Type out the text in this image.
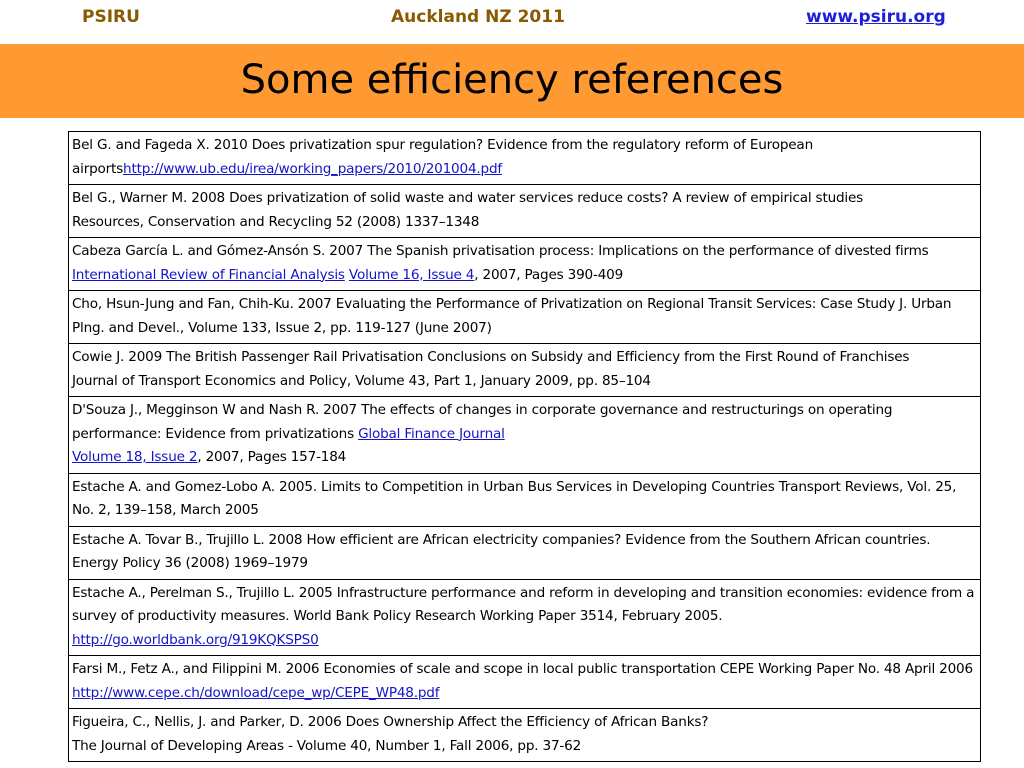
PSIRU	Auckland NZ 2011	www.psiru.org
Some efficiency references
Bel G. and Fageda X. 2010 Does privatization spur regulation? Evidence from the regulatory reform of European airportshttp://www.ub.edu/irea/working_papers/2010/201004.pdf
Bel G., Warner M. 2008 Does privatization of solid waste and water services reduce costs? A review of empirical studies
Resources, Conservation and Recycling 52 (2008) 1337–1348
Cabeza García L. and Gómez-Ansón S. 2007 The Spanish privatisation process: Implications on the performance of divested firms
International Review of Financial Analysis Volume 16, Issue 4, 2007, Pages 390-409
Cho, Hsun-Jung and Fan, Chih-Ku. 2007 Evaluating the Performance of Privatization on Regional Transit Services: Case Study J. Urban Plng. and Devel., Volume 133, Issue 2, pp. 119-127 (June 2007)
Cowie J. 2009 The British Passenger Rail Privatisation Conclusions on Subsidy and Efficiency from the First Round of Franchises
Journal of Transport Economics and Policy, Volume 43, Part 1, January 2009, pp. 85–104
D'Souza J., Megginson W and Nash R. 2007 The effects of changes in corporate governance and restructurings on operating performance: Evidence from privatizations Global Finance Journal
Volume 18, Issue 2, 2007, Pages 157-184
Estache A. and Gomez-Lobo A. 2005. Limits to Competition in Urban Bus Services in Developing Countries Transport Reviews, Vol. 25, No. 2, 139–158, March 2005
Estache A. Tovar B., Trujillo L. 2008 How efficient are African electricity companies? Evidence from the Southern African countries. Energy Policy 36 (2008) 1969–1979
Estache A., Perelman S., Trujillo L. 2005 Infrastructure performance and reform in developing and transition economies: evidence from a survey of productivity measures. World Bank Policy Research Working Paper 3514, February 2005.
http://go.worldbank.org/919KQKSPS0
Farsi M., Fetz A., and Filippini M. 2006 Economies of scale and scope in local public transportation CEPE Working Paper No. 48 April 2006 http://www.cepe.ch/download/cepe_wp/CEPE_WP48.pdf
Figueira, C., Nellis, J. and Parker, D. 2006 Does Ownership Affect the Efficiency of African Banks?
The Journal of Developing Areas - Volume 40, Number 1, Fall 2006, pp. 37-62
